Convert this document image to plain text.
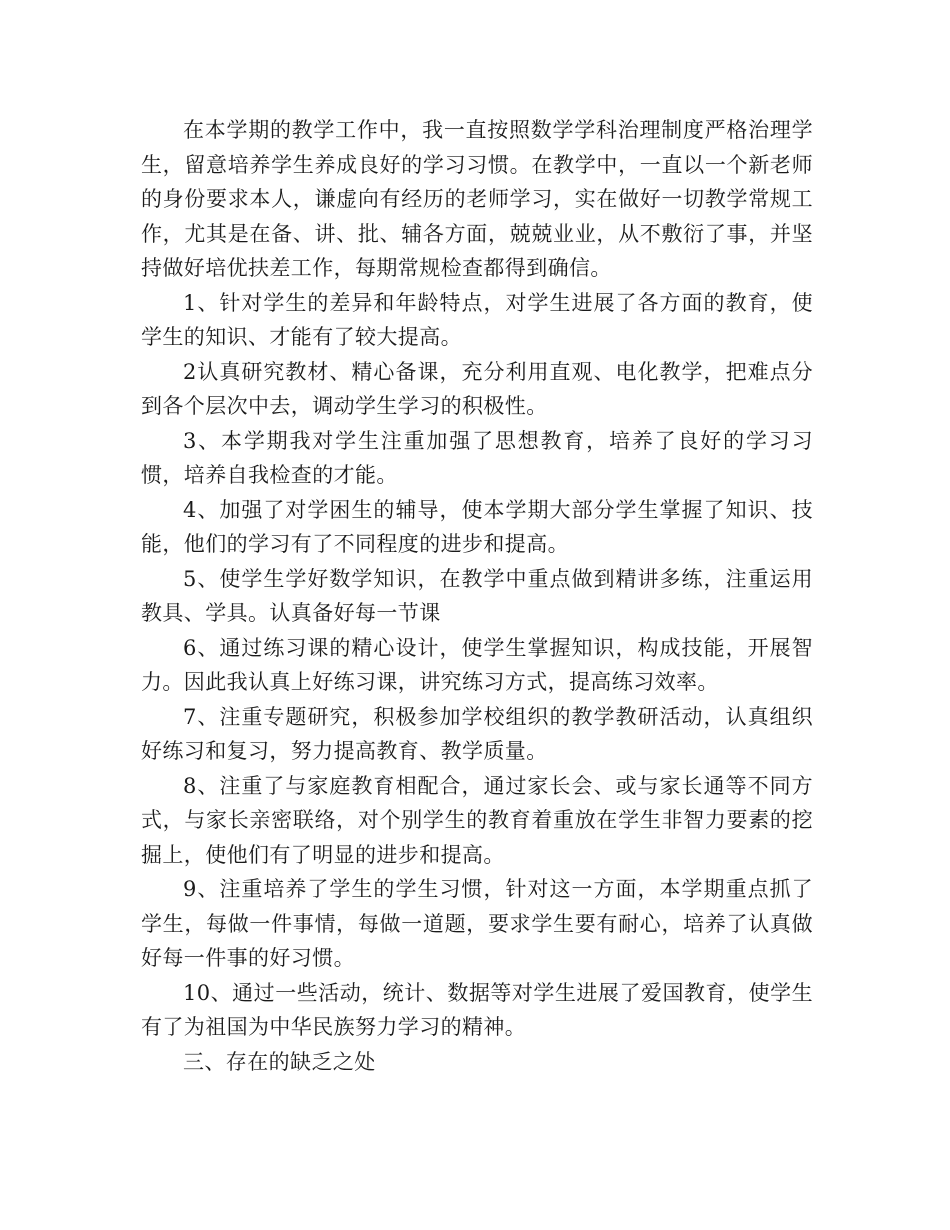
在本学期的教学工作中，我一直按照数学学科治理制度严格治理学生，留意培养学生养成良好的学习习惯。在教学中，一直以一个新老师的身份要求本人，谦虚向有经历的老师学习，实在做好一切教学常规工作，尤其是在备、讲、批、辅各方面，兢兢业业，从不敷衍了事，并坚持做好培优扶差工作，每期常规检查都得到确信。

1、针对学生的差异和年龄特点，对学生进展了各方面的教育，使学生的知识、才能有了较大提高。

2认真研究教材、精心备课，充分利用直观、电化教学，把难点分到各个层次中去，调动学生学习的积极性。

3、本学期我对学生注重加强了思想教育，培养了良好的学习习惯，培养自我检查的才能。

4、加强了对学困生的辅导，使本学期大部分学生掌握了知识、技能，他们的学习有了不同程度的进步和提高。

5、使学生学好数学知识，在教学中重点做到精讲多练，注重运用教具、学具。认真备好每一节课

6、通过练习课的精心设计，使学生掌握知识，构成技能，开展智力。因此我认真上好练习课，讲究练习方式，提高练习效率。

7、注重专题研究，积极参加学校组织的教学教研活动，认真组织好练习和复习，努力提高教育、教学质量。

8、注重了与家庭教育相配合，通过家长会、或与家长通等不同方式，与家长亲密联络，对个别学生的教育着重放在学生非智力要素的挖掘上，使他们有了明显的进步和提高。

9、注重培养了学生的学生习惯，针对这一方面，本学期重点抓了学生，每做一件事情，每做一道题，要求学生要有耐心，培养了认真做好每一件事的好习惯。

10、通过一些活动，统计、数据等对学生进展了爱国教育，使学生有了为祖国为中华民族努力学习的精神。

三、存在的缺乏之处
